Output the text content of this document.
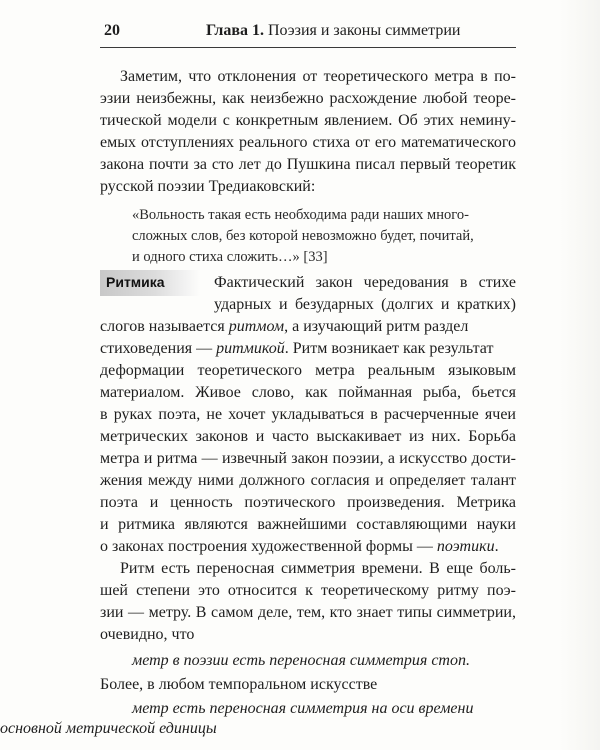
20	Глава 1. Поэзия и законы симметрии
Заметим, что отклонения от теоретического метра в по-
эзии неизбежны, как неизбежно расхождение любой теоре-
тической модели с конкретным явлением. Об этих немину-
емых отступлениях реального стиха от его математического
закона почти за сто лет до Пушкина писал первый теоретик
русской поэзии Тредиаковский:
«Вольность такая есть необходима ради наших много-
сложных слов, без которой невозможно будет, почитай,
и одного стиха сложить…» [33]
Ритмика	Фактический закон чередования в стихе
ударных и безударных (долгих и кратких)
слогов называется ритмом, а изучающий ритм раздел
стиховедения — ритмикой. Ритм возникает как результат
деформации теоретического метра реальным языковым
материалом. Живое слово, как пойманная рыба, бьется
в руках поэта, не хочет укладываться в расчерченные ячеи
метрических законов и часто выскакивает из них. Борьба
метра и ритма — извечный закон поэзии, а искусство дости-
жения между ними должного согласия и определяет талант
поэта и ценность поэтического произведения. Метрика
и ритмика являются важнейшими составляющими науки
о законах построения художественной формы — поэтики.
Ритм есть переносная симметрия времени. В еще боль-
шей степени это относится к теоретическому ритму поэ-
зии — метру. В самом деле, тем, кто знает типы симметрии,
очевидно, что
метр в поэзии есть переносная симметрия стоп.
Более, в любом темпоральном искусстве
метр есть переносная симметрия на оси времени
основной метрической единицы
